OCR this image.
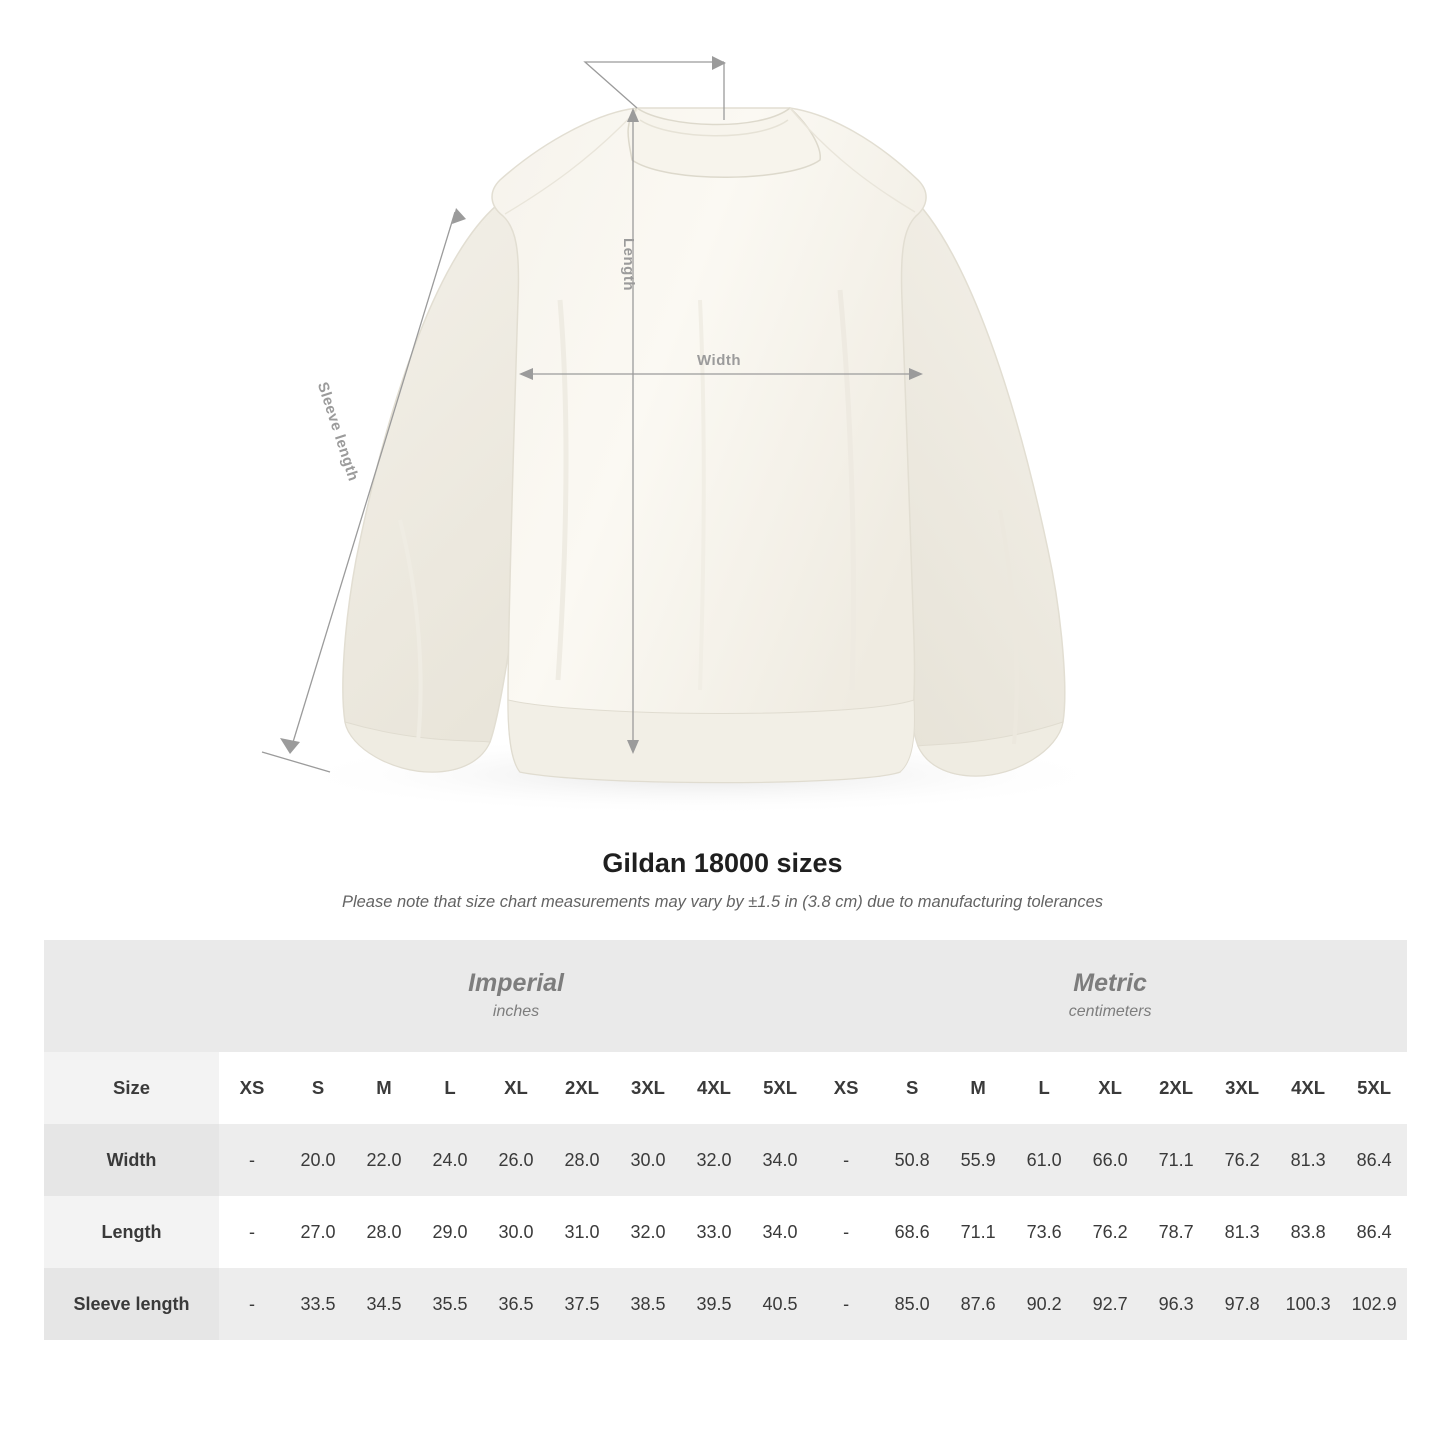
Length
Width
Sleeve length
Gildan 18000 sizes

Please note that size chart measurements may vary by ±1.5 in (3.8 cm) due to manufacturing tolerances

Imperial
inches

Metric
centimeters

Size	XS	S	M	L	XL	2XL	3XL	4XL	5XL	XS	S	M	L	XL	2XL	3XL	4XL	5XL
Width	-	20.0	22.0	24.0	26.0	28.0	30.0	32.0	34.0	-	50.8	55.9	61.0	66.0	71.1	76.2	81.3	86.4
Length	-	27.0	28.0	29.0	30.0	31.0	32.0	33.0	34.0	-	68.6	71.1	73.6	76.2	78.7	81.3	83.8	86.4
Sleeve length	-	33.5	34.5	35.5	36.5	37.5	38.5	39.5	40.5	-	85.0	87.6	90.2	92.7	96.3	97.8	100.3	102.9
